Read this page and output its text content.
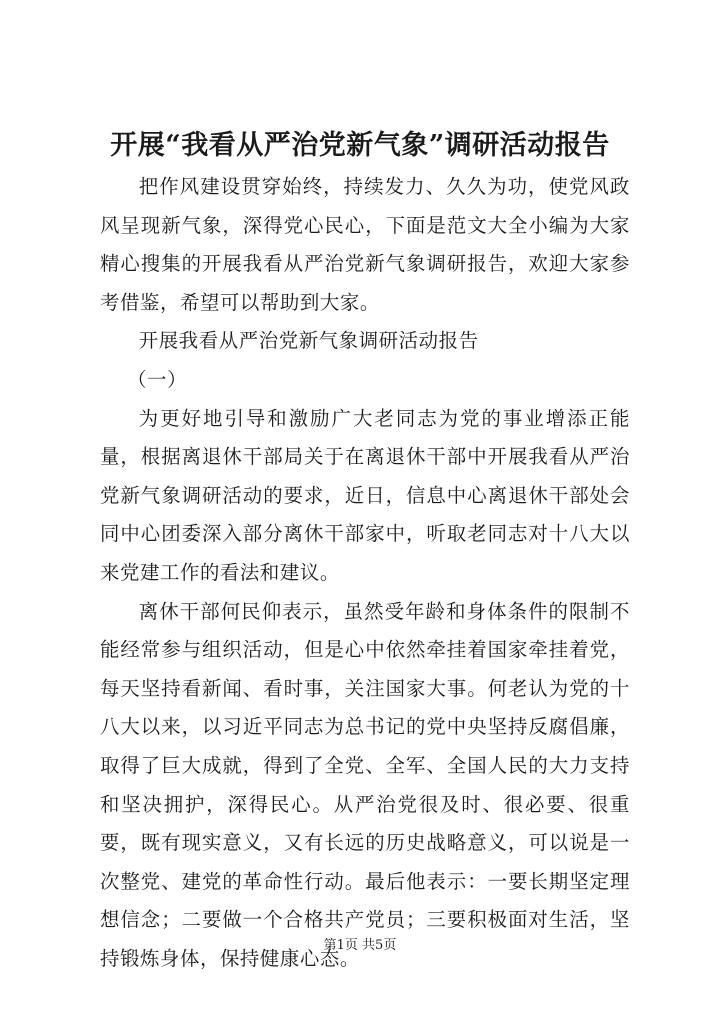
开展“我看从严治党新气象”调研活动报告

把作风建设贯穿始终，持续发力、久久为功，使党风政风呈现新气象，深得党心民心，下面是范文大全小编为大家精心搜集的开展我看从严治党新气象调研报告，欢迎大家参考借鉴，希望可以帮助到大家。

开展我看从严治党新气象调研活动报告

（一）

为更好地引导和激励广大老同志为党的事业增添正能量，根据离退休干部局关于在离退休干部中开展我看从严治党新气象调研活动的要求，近日，信息中心离退休干部处会同中心团委深入部分离休干部家中，听取老同志对十八大以来党建工作的看法和建议。

离休干部何民仰表示，虽然受年龄和身体条件的限制不能经常参与组织活动，但是心中依然牵挂着国家牵挂着党，每天坚持看新闻、看时事，关注国家大事。何老认为党的十八大以来，以习近平同志为总书记的党中央坚持反腐倡廉，取得了巨大成就，得到了全党、全军、全国人民的大力支持和坚决拥护，深得民心。从严治党很及时、很必要、很重要，既有现实意义，又有长远的历史战略意义，可以说是一次整党、建党的革命性行动。最后他表示：一要长期坚定理想信念；二要做一个合格共产党员；三要积极面对生活，坚持锻炼身体，保持健康心态。

第1页 共5页
